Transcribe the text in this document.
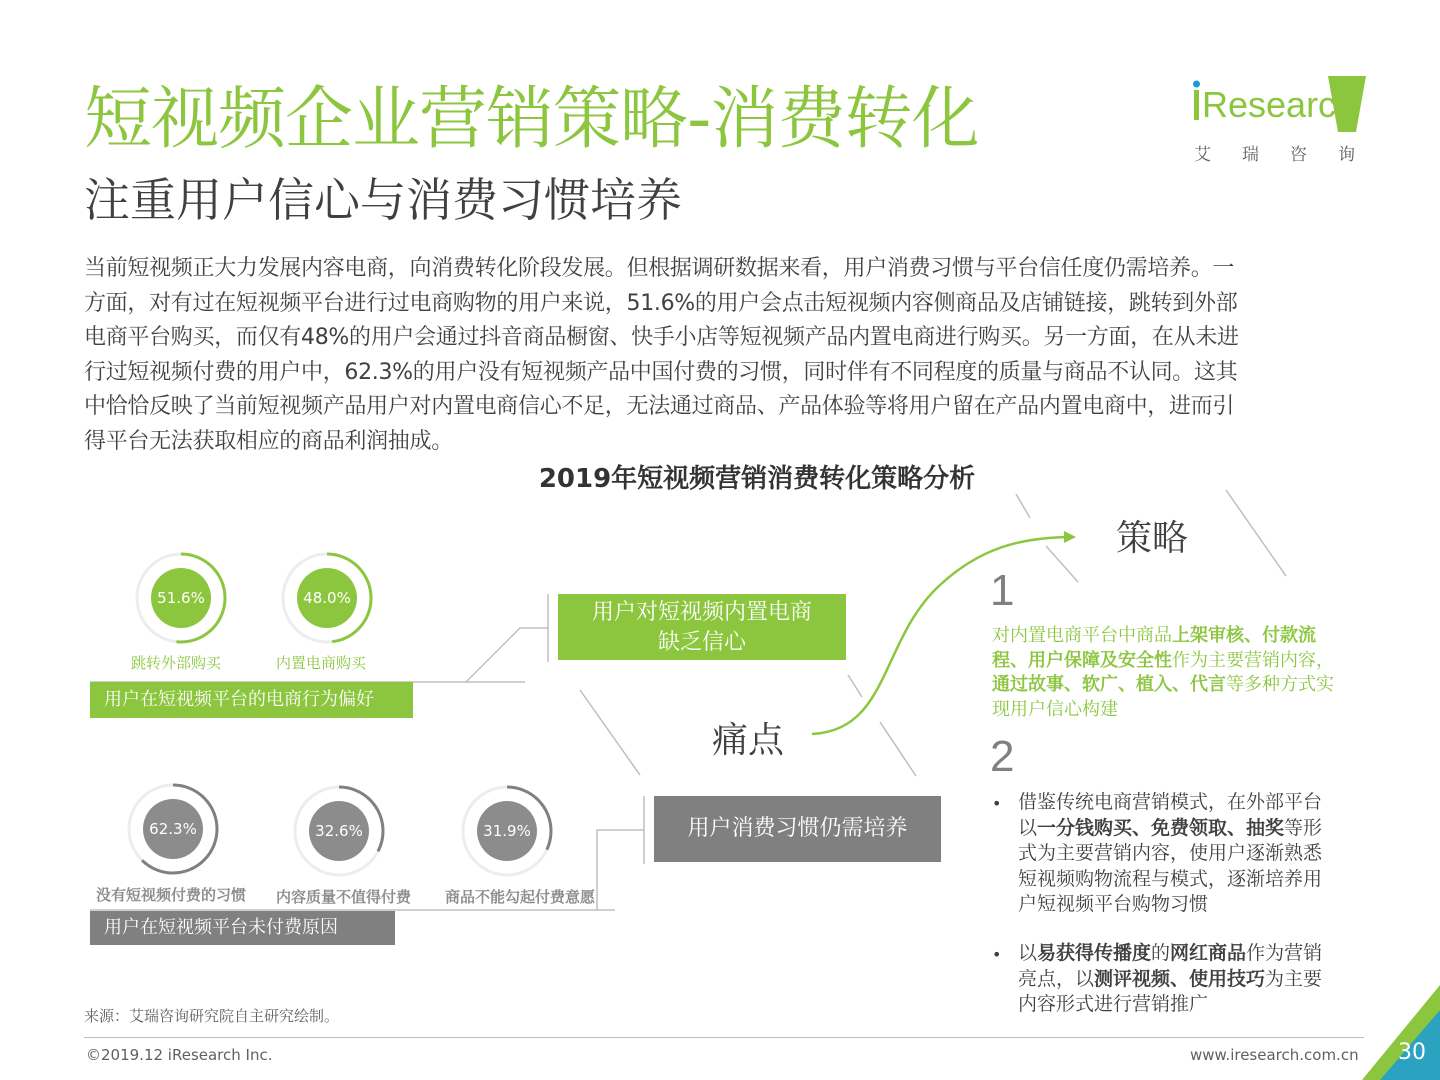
短视频企业营销策略-消费转化
注重用户信心与消费习惯培养
Research
艾瑞咨询
当前短视频正大力发展内容电商，向消费转化阶段发展。但根据调研数据来看，用户消费习惯与平台信任度仍需培养。一
方面，对有过在短视频平台进行过电商购物的用户来说，51.6%的用户会点击短视频内容侧商品及店铺链接，跳转到外部
电商平台购买，而仅有48%的用户会通过抖音商品橱窗、快手小店等短视频产品内置电商进行购买。另一方面，在从未进
行过短视频付费的用户中，62.3%的用户没有短视频产品中国付费的习惯，同时伴有不同程度的质量与商品不认同。这其
中恰恰反映了当前短视频产品用户对内置电商信心不足，无法通过商品、产品体验等将用户留在产品内置电商中，进而引
得平台无法获取相应的商品利润抽成。
2019年短视频营销消费转化策略分析
51.6%	48.0%
跳转外部购买	内置电商购买
用户在短视频平台的电商行为偏好
62.3%	32.6%	31.9%
没有短视频付费的习惯 内容质量不值得付费 商品不能勾起付费意愿
用户在短视频平台未付费原因
用户对短视频内置电商
缺乏信心
用户消费习惯仍需培养
痛点
策略
1
对内置电商平台中商品上架审核、付款流程、用户保障及安全性作为主要营销内容，通过故事、软广、植入、代言等多种方式实现用户信心构建
2
• 借鉴传统电商营销模式，在外部平台以一分钱购买、免费领取、抽奖等形式为主要营销内容，使用户逐渐熟悉短视频购物流程与模式，逐渐培养用户短视频平台购物习惯
• 以易获得传播度的网红商品作为营销亮点，以测评视频、使用技巧为主要内容形式进行营销推广
来源：艾瑞咨询研究院自主研究绘制。
©2019.12 iResearch Inc.	www.iresearch.com.cn 30
